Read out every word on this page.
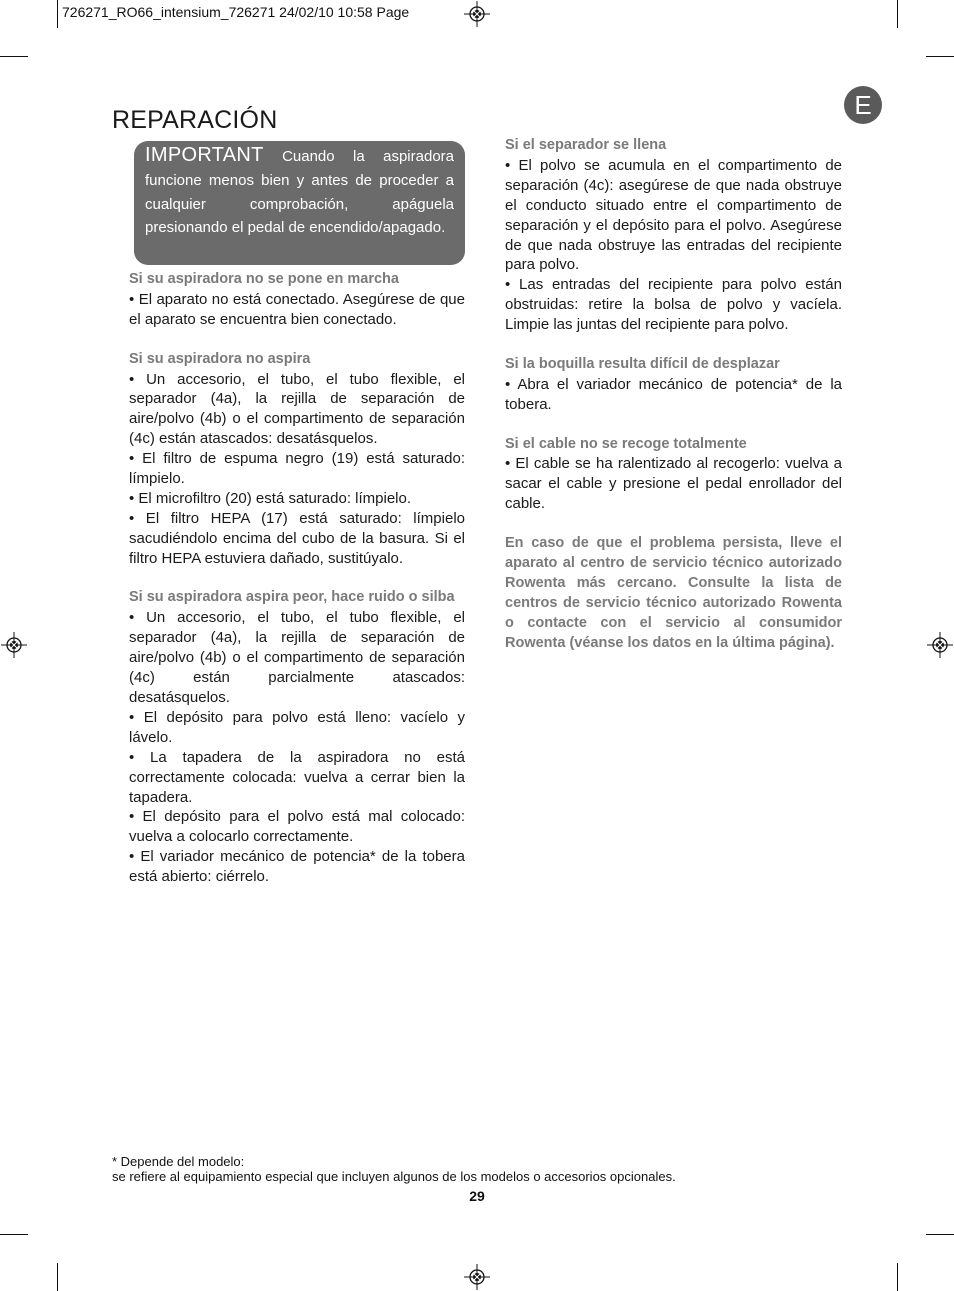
726271_RO66_intensium_726271 24/02/10 10:58 Page
REPARACIÓN	E
IMPORTANT Cuando la aspiradora funcione menos bien y antes de proceder a cualquier comprobación, apáguela presionando el pedal de encendido/apagado.
Si su aspiradora no se pone en marcha

• El aparato no está conectado. Asegúrese de que el aparato se encuentra bien conectado.

Si su aspiradora no aspira

• Un accesorio, el tubo, el tubo flexible, el separador (4a), la rejilla de separación de aire/polvo (4b) o el compartimento de separación (4c) están atascados: desatásquelos.

• El filtro de espuma negro (19) está saturado: límpielo.

• El microfiltro (20) está saturado: límpielo.

• El filtro HEPA (17) está saturado: límpielo sacudiéndolo encima del cubo de la basura. Si el filtro HEPA estuviera dañado, sustitúyalo.

Si su aspiradora aspira peor, hace ruido o silba

• Un accesorio, el tubo, el tubo flexible, el separador (4a), la rejilla de separación de aire/polvo (4b) o el compartimento de separación (4c) están parcialmente atascados: desatásquelos.

• El depósito para polvo está lleno: vacíelo y lávelo.

• La tapadera de la aspiradora no está correctamente colocada: vuelva a cerrar bien la tapadera.

• El depósito para el polvo está mal colocado: vuelva a colocarlo correctamente.

• El variador mecánico de potencia* de la tobera está abierto: ciérrelo.

Si el separador se llena

• El polvo se acumula en el compartimento de separación (4c): asegúrese de que nada obstruye el conducto situado entre el compartimento de separación y el depósito para el polvo. Asegúrese de que nada obstruye las entradas del recipiente para polvo.

• Las entradas del recipiente para polvo están obstruidas: retire la bolsa de polvo y vacíela. Limpie las juntas del recipiente para polvo.

Si la boquilla resulta difícil de desplazar

• Abra el variador mecánico de potencia* de la tobera.

Si el cable no se recoge totalmente

• El cable se ha ralentizado al recogerlo: vuelva a sacar el cable y presione el pedal enrollador del cable.

En caso de que el problema persista, lleve el aparato al centro de servicio técnico autorizado Rowenta más cercano. Consulte la lista de centros de servicio técnico autorizado Rowenta o contacte con el servicio al consumidor Rowenta (véanse los datos en la última página).

* Depende del modelo:
se refiere al equipamiento especial que incluyen algunos de los modelos o accesorios opcionales.
29
